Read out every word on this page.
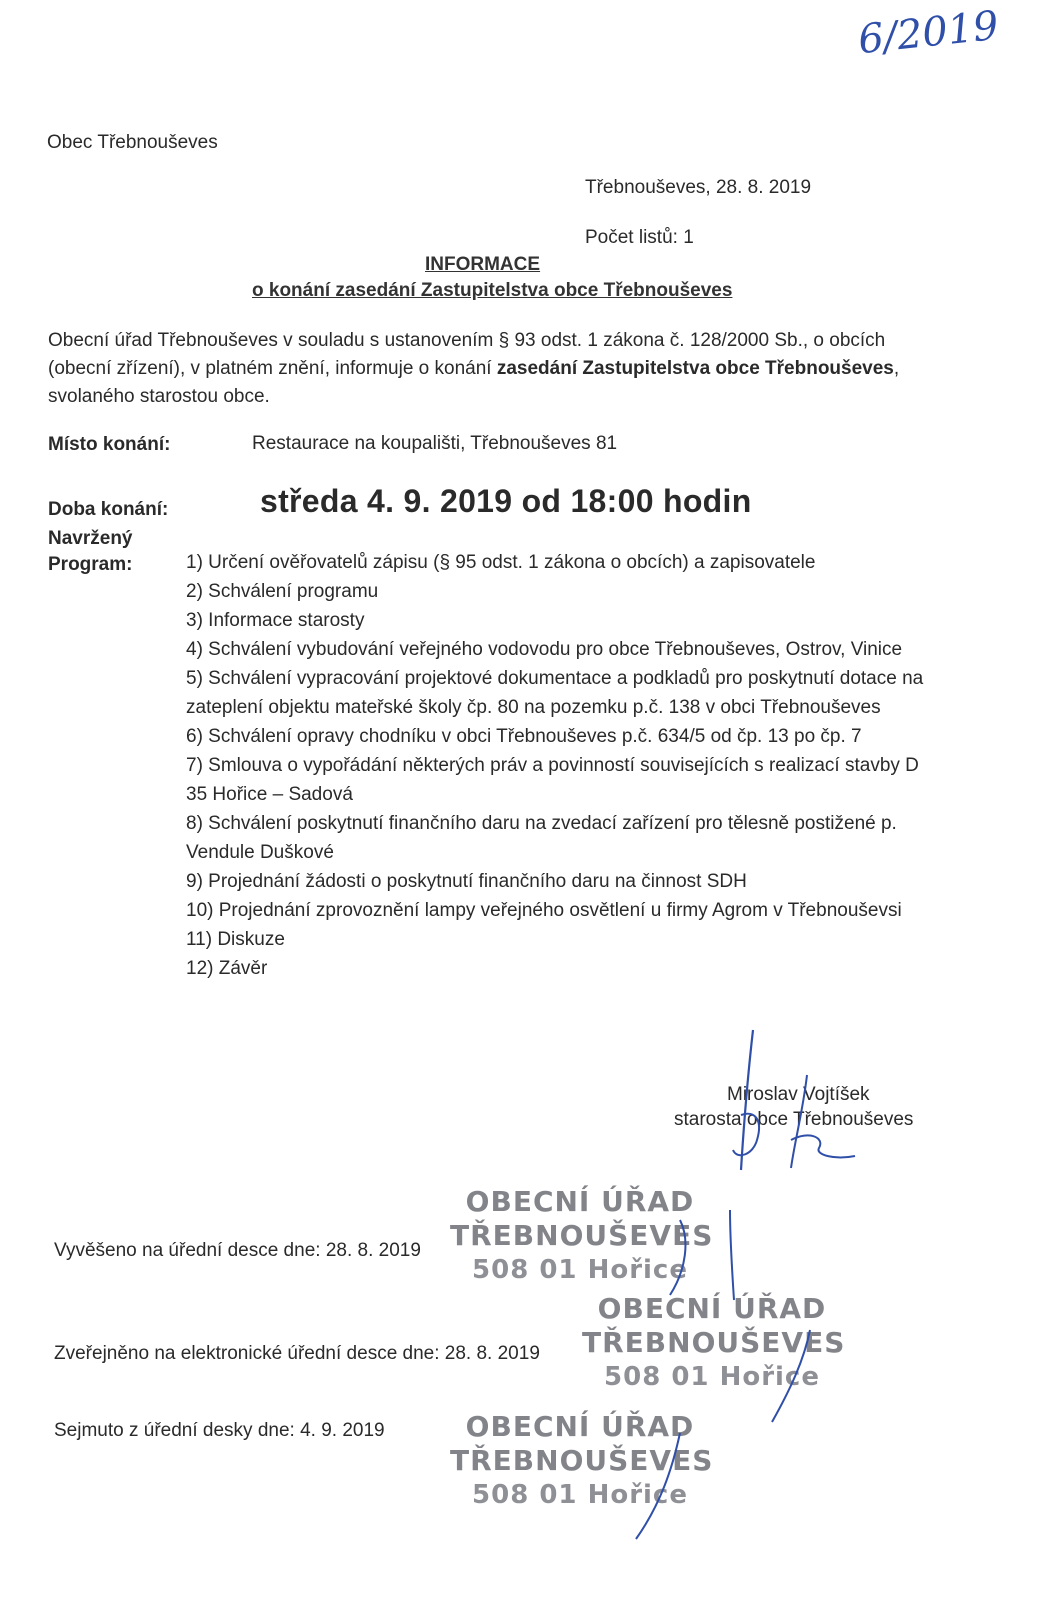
6/2019
Obec Třebnouševes
Třebnouševes, 28. 8. 2019
Počet listů: 1
INFORMACE
o konání zasedání Zastupitelstva obce Třebnouševes
Obecní úřad Třebnouševes v souladu s ustanovením § 93 odst. 1 zákona č. 128/2000 Sb., o obcích (obecní zřízení), v platném znění, informuje o konání zasedání Zastupitelstva obce Třebnouševes, svolaného starostou obce.
Místo konání:	Restaurace na koupališti, Třebnouševes 81
Doba konání:	středa 4. 9. 2019 od 18:00 hodin
Navržený
Program:	1) Určení ověřovatelů zápisu (§ 95 odst. 1 zákona o obcích) a zapisovatele
2) Schválení programu
3) Informace starosty
4) Schválení vybudování veřejného vodovodu pro obce Třebnouševes, Ostrov, Vinice
5) Schválení vypracování projektové dokumentace a podkladů pro poskytnutí dotace na zateplení objektu mateřské školy čp. 80 na pozemku p.č. 138 v obci Třebnouševes
6) Schválení opravy chodníku v obci Třebnouševes p.č. 634/5 od čp. 13 po čp. 7
7) Smlouva o vypořádání některých práv a povinností souvisejících s realizací stavby D 35 Hořice – Sadová
8) Schválení poskytnutí finančního daru na zvedací zařízení pro tělesně postižené p. Vendule Duškové
9) Projednání žádosti o poskytnutí finančního daru na činnost SDH
10) Projednání zprovoznění lampy veřejného osvětlení u firmy Agrom v Třebnouševsi
11) Diskuze
12) Závěr
Miroslav Vojtíšek
starosta obce Třebnouševes
Vyvěšeno na úřední desce dne: 28. 8. 2019
Zveřejněno na elektronické úřední desce dne: 28. 8. 2019
Sejmuto z úřední desky dne: 4. 9. 2019
OBECNÍ ÚŘAD
TŘEBNOUŠEVES
508 01 Hořice
OBECNÍ ÚŘAD
TŘEBNOUŠEVES
508 01 Hořice
OBECNÍ ÚŘAD
TŘEBNOUŠEVES
508 01 Hořice
